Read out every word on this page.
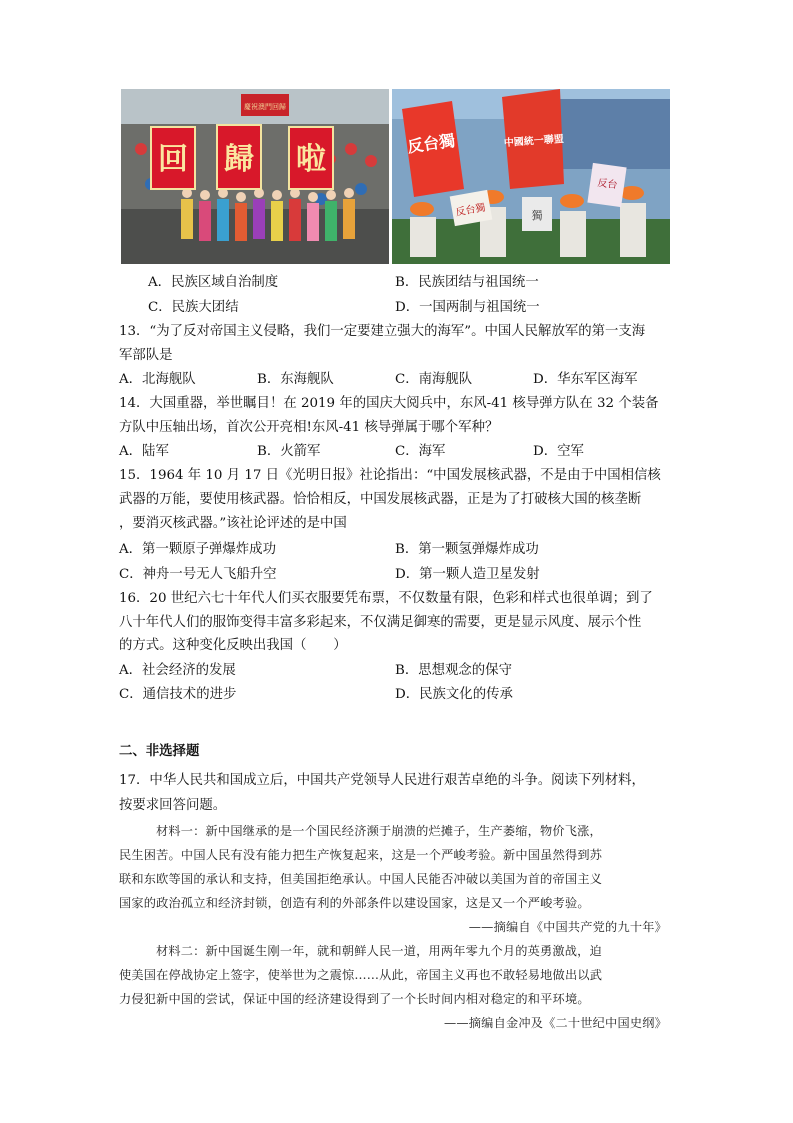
慶祝澳門回歸
回 歸 啦	反台獨	中國統一聯盟
反台獨
反台
獨
A．民族区域自治制度	B．民族团结与祖国统一
C．民族大团结	D．一国两制与祖国统一
13．“为了反对帝国主义侵略，我们一定要建立强大的海军”。中国人民解放军的第一支海
军部队是
A．北海舰队	B．东海舰队	C．南海舰队	D．华东军区海军
14．大国重器，举世瞩目！在 2019 年的国庆大阅兵中，东风-41 核导弹方队在 32 个装备
方队中压轴出场，首次公开亮相!东风-41 核导弹属于哪个军种？
A．陆军	B．火箭军	C．海军	D．空军
15．1964 年 10 月 17 日《光明日报》社论指出：“中国发展核武器，不是由于中国相信核
武器的万能，要使用核武器。恰恰相反，中国发展核武器，正是为了打破核大国的核垄断
，要消灭核武器。”该社论评述的是中国
A．第一颗原子弹爆炸成功	B．第一颗氢弹爆炸成功
C．神舟一号无人飞船升空	D．第一颗人造卫星发射
16．20 世纪六七十年代人们买衣服要凭布票，不仅数量有限，色彩和样式也很单调；到了
八十年代人们的服饰变得丰富多彩起来，不仅满足御寒的需要，更是显示风度、展示个性
的方式。这种变化反映出我国（　　）
A．社会经济的发展	B．思想观念的保守
C．通信技术的进步	D．民族文化的传承
二、非选择题
17．中华人民共和国成立后，中国共产党领导人民进行艰苦卓绝的斗争。阅读下列材料，
按要求回答问题。
材料一：新中国继承的是一个国民经济濒于崩溃的烂摊子，生产萎缩，物价飞涨，
民生困苦。中国人民有没有能力把生产恢复起来，这是一个严峻考验。新中国虽然得到苏
联和东欧等国的承认和支持，但美国拒绝承认。中国人民能否冲破以美国为首的帝国主义
国家的政治孤立和经济封锁，创造有利的外部条件以建设国家，这是又一个严峻考验。
——摘编自《中国共产党的九十年》
材料二：新中国诞生刚一年，就和朝鲜人民一道，用两年零九个月的英勇激战，迫
使美国在停战协定上签字，使举世为之震惊……从此，帝国主义再也不敢轻易地做出以武
力侵犯新中国的尝试，保证中国的经济建设得到了一个长时间内相对稳定的和平环境。
——摘编自金冲及《二十世纪中国史纲》
